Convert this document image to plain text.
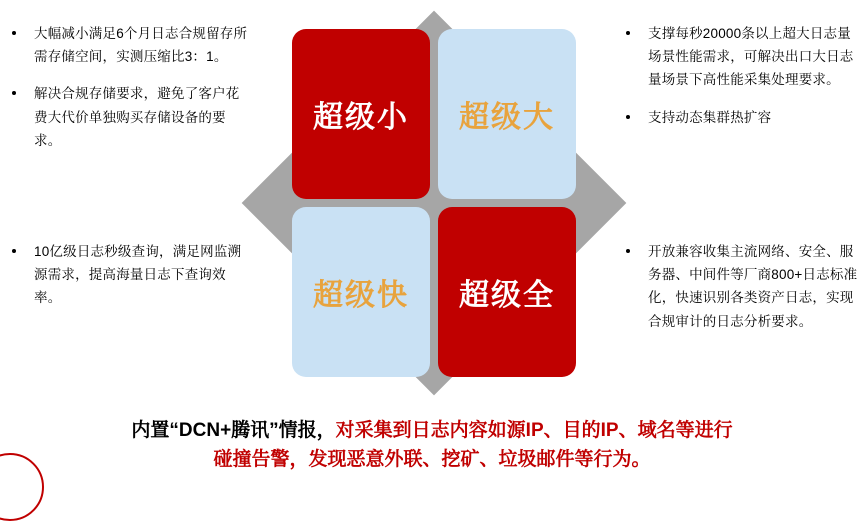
大幅减小满足6个月日志合规留存所需存储空间，实测压缩比3：1。
解决合规存储要求，避免了客户花费大代价单独购买存储设备的要求。
10亿级日志秒级查询，满足网监溯源需求，提高海量日志下查询效率。
支撑每秒20000条以上超大日志量场景性能需求，可解决出口大日志量场景下高性能采集处理要求。
支持动态集群热扩容
开放兼容收集主流网络、安全、服务器、中间件等厂商800+日志标准化，快速识别各类资产日志，实现合规审计的日志分析要求。
超级小	超级大
超级快	超级全
内置“DCN+腾讯”情报，对采集到日志内容如源IP、目的IP、域名等进行
碰撞告警，发现恶意外联、挖矿、垃圾邮件等行为。
